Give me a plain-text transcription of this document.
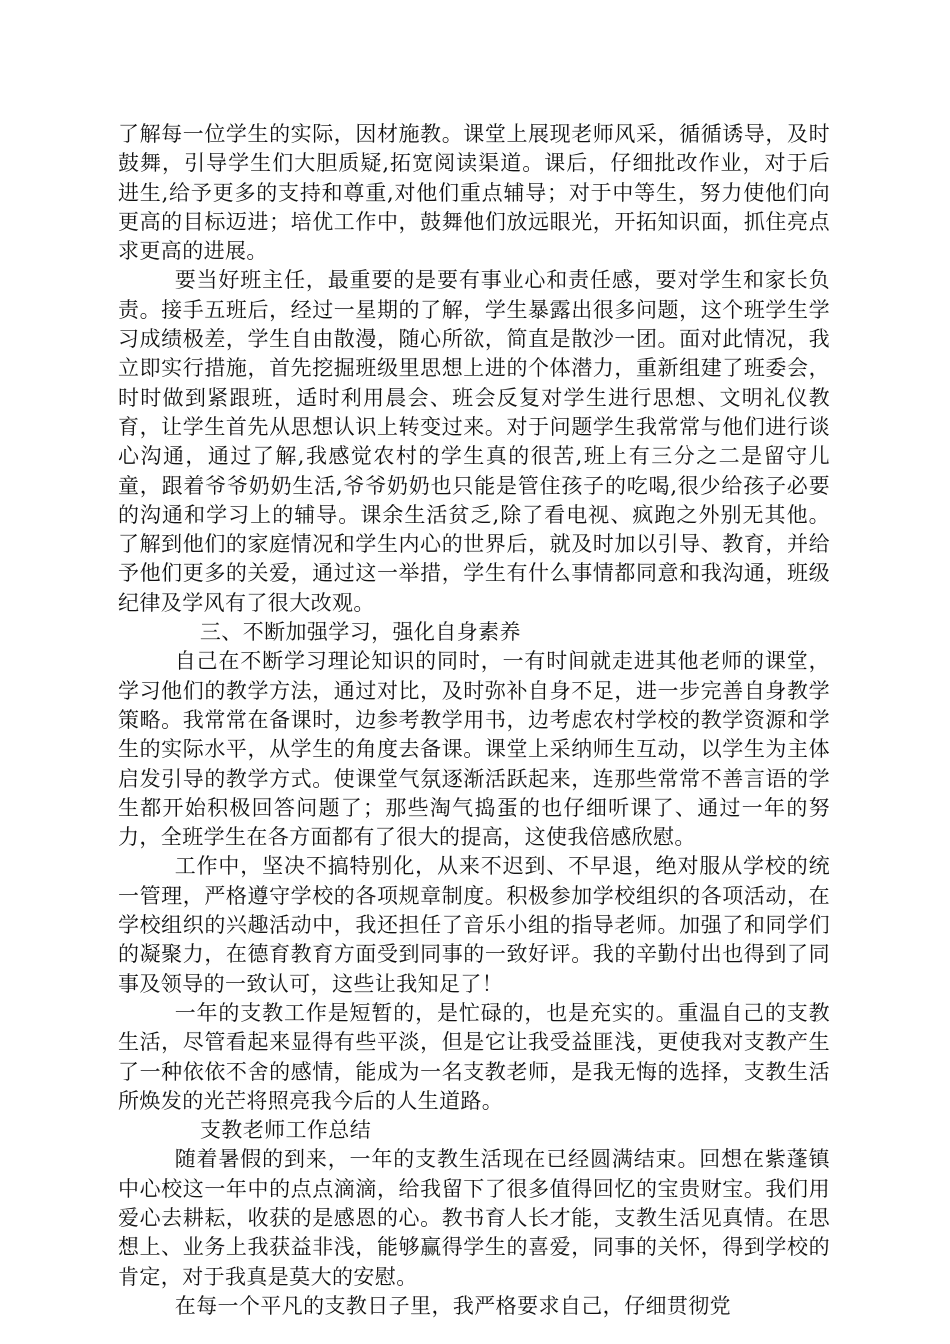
了解每一位学生的实际，因材施教。课堂上展现老师风采，循循诱导，及时鼓舞，引导学生们大胆质疑,拓宽阅读渠道。课后，仔细批改作业，对于后进生,给予更多的支持和尊重,对他们重点辅导；对于中等生，努力使他们向更高的目标迈进；培优工作中，鼓舞他们放远眼光，开拓知识面，抓住亮点求更高的进展。

要当好班主任，最重要的是要有事业心和责任感，要对学生和家长负责。接手五班后，经过一星期的了解，学生暴露出很多问题，这个班学生学习成绩极差，学生自由散漫，随心所欲，简直是散沙一团。面对此情况，我立即实行措施，首先挖掘班级里思想上进的个体潜力，重新组建了班委会，时时做到紧跟班，适时利用晨会、班会反复对学生进行思想、文明礼仪教育，让学生首先从思想认识上转变过来。对于问题学生我常常与他们进行谈心沟通，通过了解,我感觉农村的学生真的很苦,班上有三分之二是留守儿童，跟着爷爷奶奶生活,爷爷奶奶也只能是管住孩子的吃喝,很少给孩子必要的沟通和学习上的辅导。课余生活贫乏,除了看电视、疯跑之外别无其他。了解到他们的家庭情况和学生内心的世界后，就及时加以引导、教育，并给予他们更多的关爱，通过这一举措，学生有什么事情都同意和我沟通，班级纪律及学风有了很大改观。

三、不断加强学习，强化自身素养

自己在不断学习理论知识的同时，一有时间就走进其他老师的课堂，学习他们的教学方法，通过对比，及时弥补自身不足，进一步完善自身教学策略。我常常在备课时，边参考教学用书，边考虑农村学校的教学资源和学生的实际水平，从学生的角度去备课。课堂上采纳师生互动，以学生为主体启发引导的教学方式。使课堂气氛逐渐活跃起来，连那些常常不善言语的学生都开始积极回答问题了；那些淘气捣蛋的也仔细听课了、通过一年的努力，全班学生在各方面都有了很大的提高，这使我倍感欣慰。

工作中，坚决不搞特别化，从来不迟到、不早退，绝对服从学校的统一管理，严格遵守学校的各项规章制度。积极参加学校组织的各项活动，在学校组织的兴趣活动中，我还担任了音乐小组的指导老师。加强了和同学们的凝聚力，在德育教育方面受到同事的一致好评。我的辛勤付出也得到了同事及领导的一致认可，这些让我知足了！

一年的支教工作是短暂的，是忙碌的，也是充实的。重温自己的支教生活，尽管看起来显得有些平淡，但是它让我受益匪浅，更使我对支教产生了一种依依不舍的感情，能成为一名支教老师，是我无悔的选择，支教生活所焕发的光芒将照亮我今后的人生道路。

支教老师工作总结

随着暑假的到来，一年的支教生活现在已经圆满结束。回想在紫蓬镇中心校这一年中的点点滴滴，给我留下了很多值得回忆的宝贵财宝。我们用爱心去耕耘，收获的是感恩的心。教书育人长才能，支教生活见真情。在思想上、业务上我获益非浅，能够赢得学生的喜爱，同事的关怀，得到学校的肯定，对于我真是莫大的安慰。

在每一个平凡的支教日子里，我严格要求自己，仔细贯彻党
